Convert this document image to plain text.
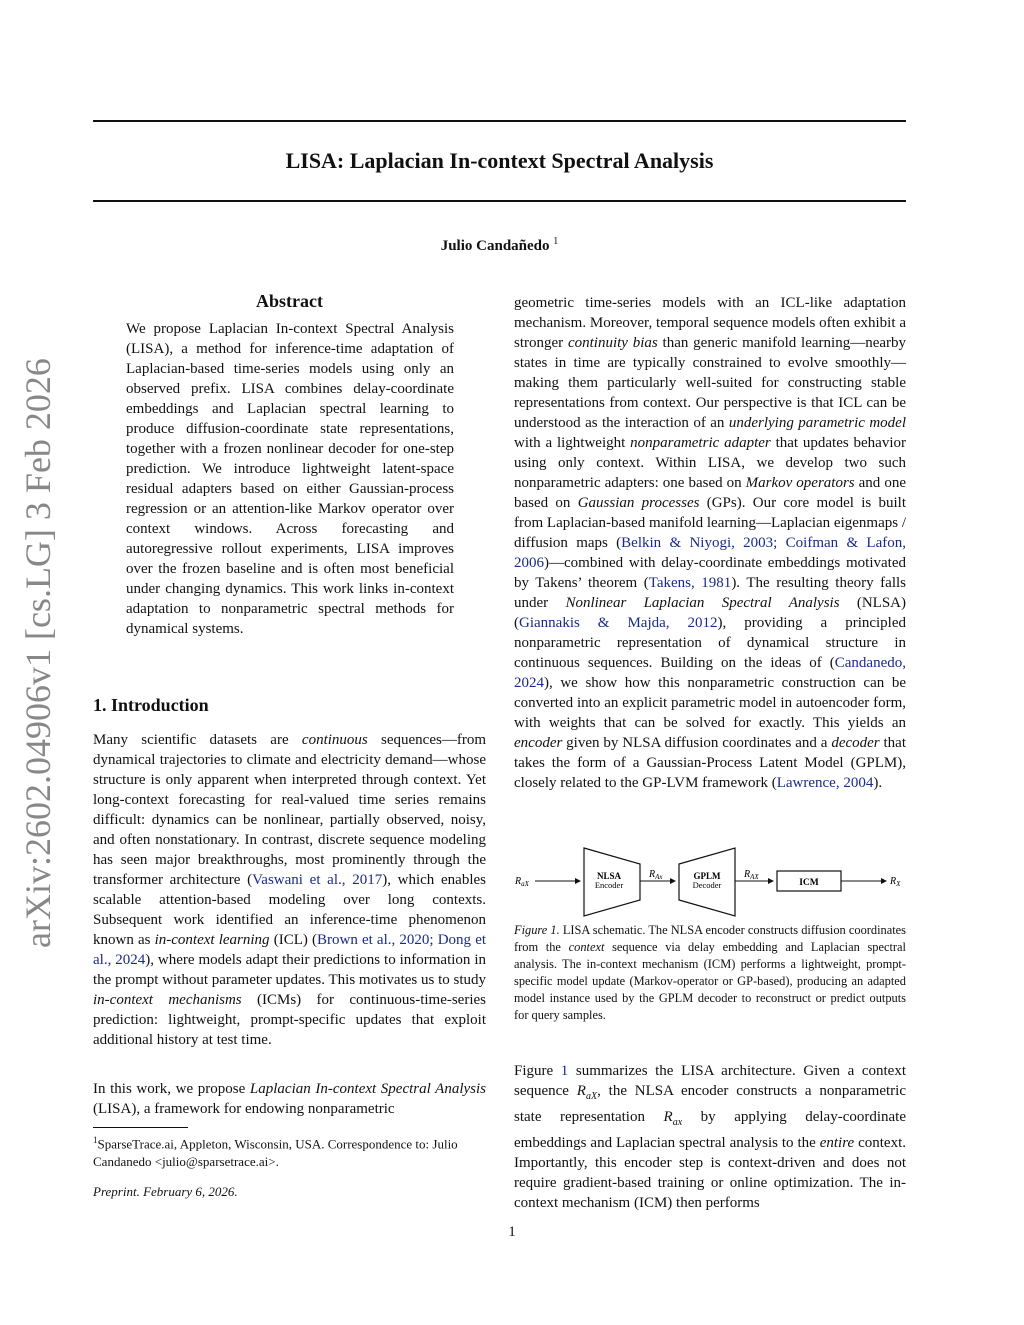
LISA: Laplacian In-context Spectral Analysis
Julio Candañedo $^1$
arXiv:2602.04906v1 [cs.LG] 3 Feb 2026
Abstract

We propose Laplacian In-context Spectral Analysis (LISA), a method for inference-time adaptation of Laplacian-based time-series models using only an observed prefix. LISA combines delay-coordinate embeddings and Laplacian spectral learning to produce diffusion-coordinate state representations, together with a frozen nonlinear decoder for one-step prediction. We introduce lightweight latent-space residual adapters based on either Gaussian-process regression or an attention-like Markov operator over context windows. Across forecasting and autoregressive rollout experiments, LISA improves over the frozen baseline and is often most beneficial under changing dynamics. This work links in-context adaptation to nonparametric spectral methods for dynamical systems.

1. Introduction

Many scientific datasets are continuous sequences—from dynamical trajectories to climate and electricity demand—whose structure is only apparent when interpreted through context. Yet long-context forecasting for real-valued time series remains difficult: dynamics can be nonlinear, partially observed, noisy, and often nonstationary. In contrast, discrete sequence modeling has seen major breakthroughs, most prominently through the transformer architecture (Vaswani et al., 2017), which enables scalable attention-based modeling over long contexts. Subsequent work identified an inference-time phenomenon known as in-context learning (ICL) (Brown et al., 2020; Dong et al., 2024), where models adapt their predictions to information in the prompt without parameter updates. This motivates us to study in-context mechanisms (ICMs) for continuous-time-series prediction: lightweight, prompt-specific updates that exploit additional history at test time.

In this work, we propose Laplacian In-context Spectral Analysis (LISA), a framework for endowing nonparametric

$^1$SparseTrace.ai, Appleton, Wisconsin, USA. Correspondence to: Julio Candanedo <julio@sparsetrace.ai>.
Preprint. February 6, 2026.

geometric time-series models with an ICL-like adaptation mechanism. Moreover, temporal sequence models often exhibit a stronger continuity bias than generic manifold learning—nearby states in time are typically constrained to evolve smoothly—making them particularly well-suited for constructing stable representations from context. Our perspective is that ICL can be understood as the interaction of an underlying parametric model with a lightweight nonparametric adapter that updates behavior using only context. Within LISA, we develop two such nonparametric adapters: one based on Markov operators and one based on Gaussian processes (GPs). Our core model is built from Laplacian-based manifold learning—Laplacian eigenmaps / diffusion maps (Belkin & Niyogi, 2003; Coifman & Lafon, 2006)—combined with delay-coordinate embeddings motivated by Takens’ theorem (Takens, 1981). The resulting theory falls under Nonlinear Laplacian Spectral Analysis (NLSA) (Giannakis & Majda, 2012), providing a principled nonparametric representation of dynamical structure in continuous sequences. Building on the ideas of (Candanedo, 2024), we show how this nonparametric construction can be converted into an explicit parametric model in autoencoder form, with weights that can be solved for exactly. This yields an encoder given by NLSA diffusion coordinates and a decoder that takes the form of a Gaussian-Process Latent Model (GPLM), closely related to the GP-LVM framework (Lawrence, 2004).

$R_{aX}$
NLSA
Encoder
$R_{Ax}$	GPLM
Decoder
$R_{AX}$
ICM	$R_X$
Figure 1. LISA schematic. The NLSA encoder constructs diffusion coordinates from the context sequence via delay embedding and Laplacian spectral analysis. The in-context mechanism (ICM) performs a lightweight, prompt-specific model update (Markov-operator or GP-based), producing an adapted model instance used by the GPLM decoder to reconstruct or predict outputs for query samples.

Figure 1 summarizes the LISA architecture. Given a context sequence $R_{aX}$, the NLSA encoder constructs a nonparametric state representation $R_{ax}$ by applying delay-coordinate embeddings and Laplacian spectral analysis to the entire context. Importantly, this encoder step is context-driven and does not require gradient-based training or online optimization. The in-context mechanism (ICM) then performs

1
